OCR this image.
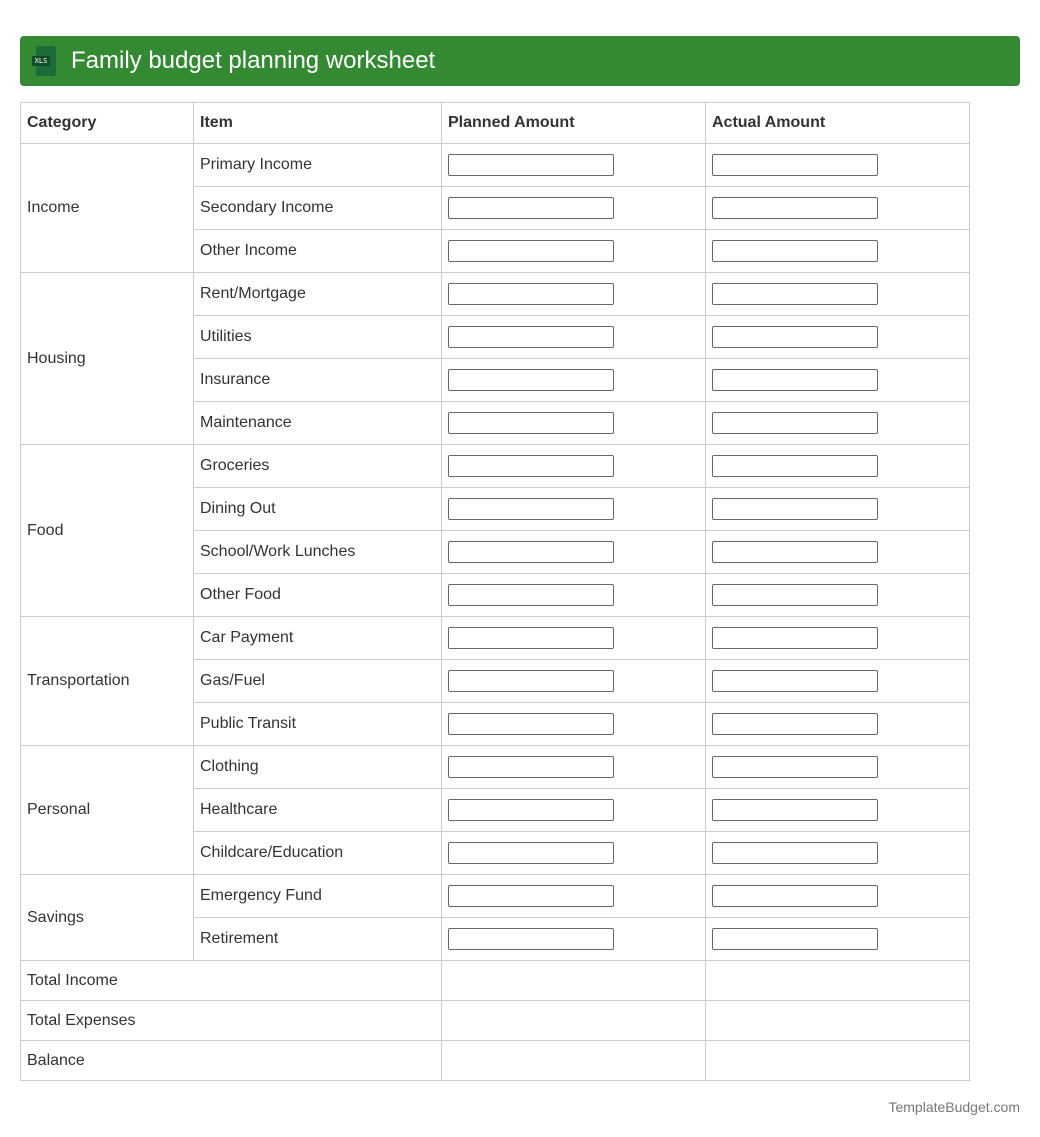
XLS Family budget planning worksheet
Category	Item	Planned Amount	Actual Amount
Income	Primary Income	

	Secondary Income	

	Other Income	

Housing	Rent/Mortgage	

	Utilities	

	Insurance	

	Maintenance	

Food	Groceries	

	Dining Out	

	School/Work Lunches	

	Other Food	

Transportation	Car Payment	

	Gas/Fuel	

	Public Transit	

Personal	Clothing	

	Healthcare	

	Childcare/Education	

Savings	Emergency Fund	

	Retirement	

Total Income			
Total Expenses			
Balance			
TemplateBudget.com
